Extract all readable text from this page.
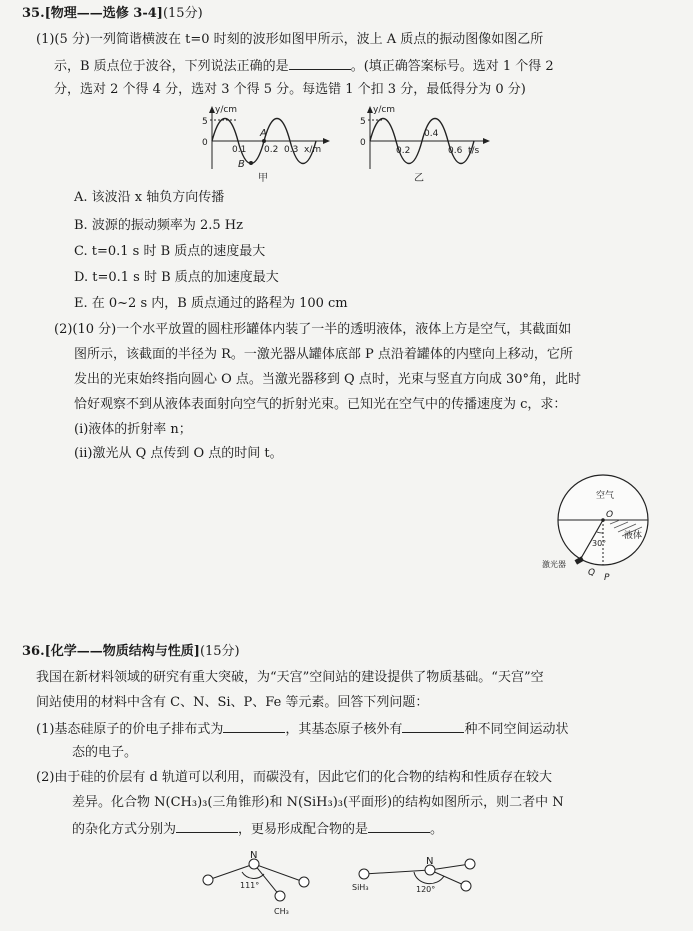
35.[物理——选修 3-4](15分)
(1)(5 分)一列简谐横波在 t=0 时刻的波形如图甲所示，波上 A 质点的振动图像如图乙所
示，B 质点位于波谷，下列说法正确的是	。(填正确答案标号。选对 1 个得 2
分，选对 2 个得 4 分，选对 3 个得 5 分。每选错 1 个扣 3 分，最低得分为 0 分)
y/cm
5
0
A
B
0.1 0.2 0.3 x/m
甲
y/cm
5
0
0.2
0.4
0.6 t/s
乙
A. 该波沿 x 轴负方向传播
B. 波源的振动频率为 2.5 Hz
C. t=0.1 s 时 B 质点的速度最大
D. t=0.1 s 时 B 质点的加速度最大
E. 在 0~2 s 内，B 质点通过的路程为 100 cm
(2)(10 分)一个水平放置的圆柱形罐体内装了一半的透明液体，液体上方是空气，其截面如
图所示，该截面的半径为 R。一激光器从罐体底部 P 点沿着罐体的内壁向上移动，它所
发出的光束始终指向圆心 O 点。当激光器移到 Q 点时，光束与竖直方向成 30°角，此时
恰好观察不到从液体表面射向空气的折射光束。已知光在空气中的传播速度为 c，求：
(ⅰ)液体的折射率 n；
(ⅱ)激光从 Q 点传到 O 点的时间 t。
空气
液体
O
30°
激光器
Q P
36.[化学——物质结构与性质](15分)
我国在新材料领域的研究有重大突破，为“天宫”空间站的建设提供了物质基础。“天宫”空
间站使用的材料中含有 C、N、Si、P、Fe 等元素。回答下列问题：
(1)基态硅原子的价电子排布式为	，其基态原子核外有	种不同空间运动状
态的电子。
(2)由于硅的价层有 d 轨道可以利用，而碳没有，因此它们的化合物的结构和性质存在较大
差异。化合物 N(CH₃)₃(三角锥形)和 N(SiH₃)₃(平面形)的结构如图所示，则二者中 N
的杂化方式分别为	，更易形成配合物的是	。
N
111°
CH₃
N
SiH₃	120°
